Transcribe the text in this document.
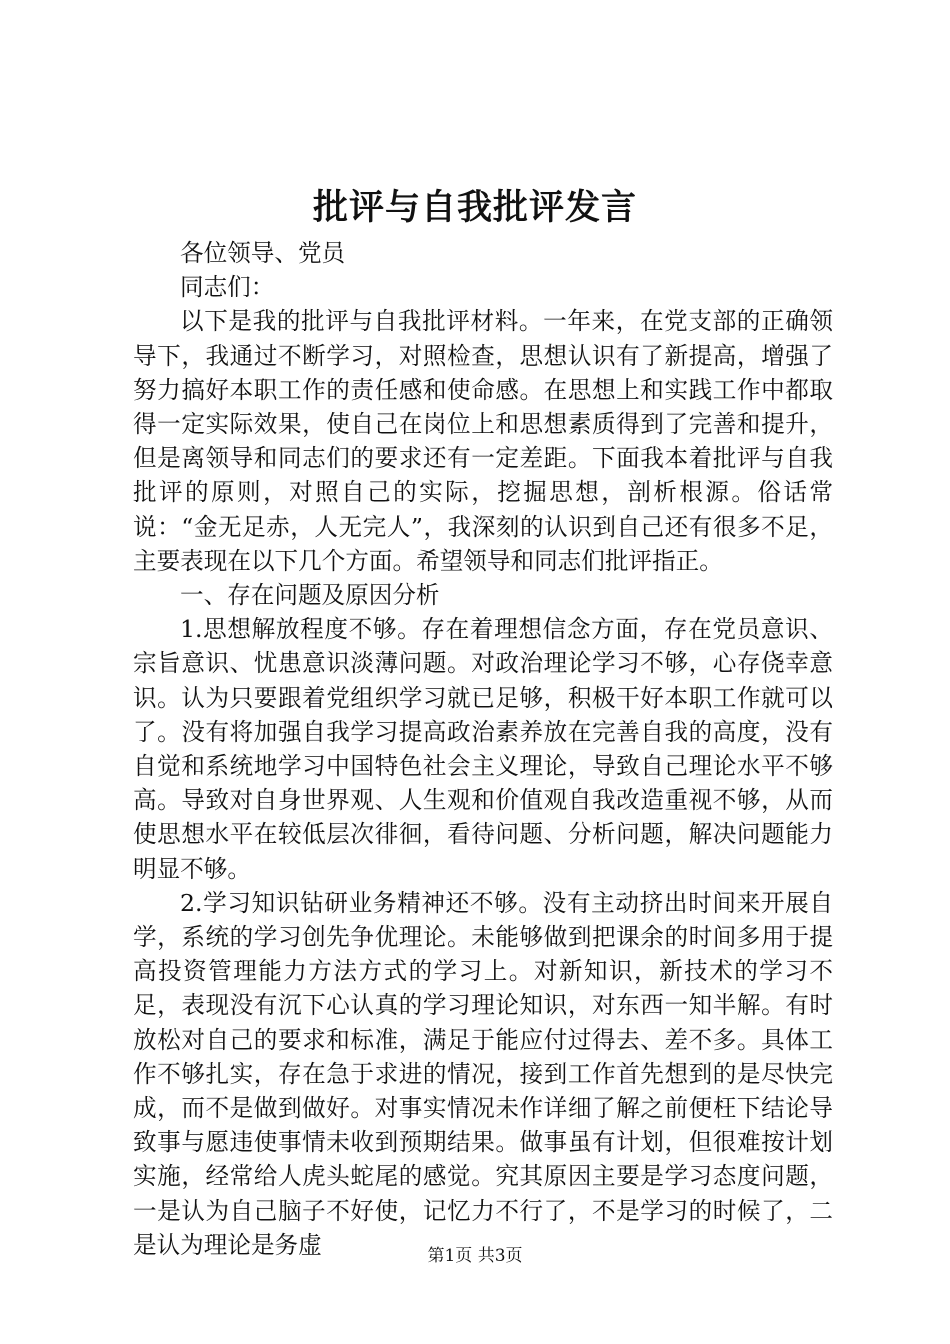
批评与自我批评发言

各位领导、党员

同志们：

以下是我的批评与自我批评材料。一年来，在党支部的正确领导下，我通过不断学习，对照检查，思想认识有了新提高，增强了努力搞好本职工作的责任感和使命感。在思想上和实践工作中都取得一定实际效果，使自己在岗位上和思想素质得到了完善和提升，但是离领导和同志们的要求还有一定差距。下面我本着批评与自我批评的原则，对照自己的实际，挖掘思想，剖析根源。俗话常说：“金无足赤，人无完人”，我深刻的认识到自己还有很多不足，主要表现在以下几个方面。希望领导和同志们批评指正。

一、存在问题及原因分析

1.思想解放程度不够。存在着理想信念方面，存在党员意识、宗旨意识、忧患意识淡薄问题。对政治理论学习不够，心存侥幸意识。认为只要跟着党组织学习就已足够，积极干好本职工作就可以了。没有将加强自我学习提高政治素养放在完善自我的高度，没有自觉和系统地学习中国特色社会主义理论，导致自己理论水平不够高。导致对自身世界观、人生观和价值观自我改造重视不够，从而使思想水平在较低层次徘徊，看待问题、分析问题，解决问题能力明显不够。

2.学习知识钻研业务精神还不够。没有主动挤出时间来开展自学，系统的学习创先争优理论。未能够做到把课余的时间多用于提高投资管理能力方法方式的学习上。对新知识，新技术的学习不足，表现没有沉下心认真的学习理论知识，对东西一知半解。有时放松对自己的要求和标准，满足于能应付过得去、差不多。具体工作不够扎实，存在急于求进的情况，接到工作首先想到的是尽快完成，而不是做到做好。对事实情况未作详细了解之前便枉下结论导致事与愿违使事情未收到预期结果。做事虽有计划，但很难按计划实施，经常给人虎头蛇尾的感觉。究其原因主要是学习态度问题，一是认为自己脑子不好使，记忆力不行了，不是学习的时候了，二是认为理论是务虚	第1页 共3页
